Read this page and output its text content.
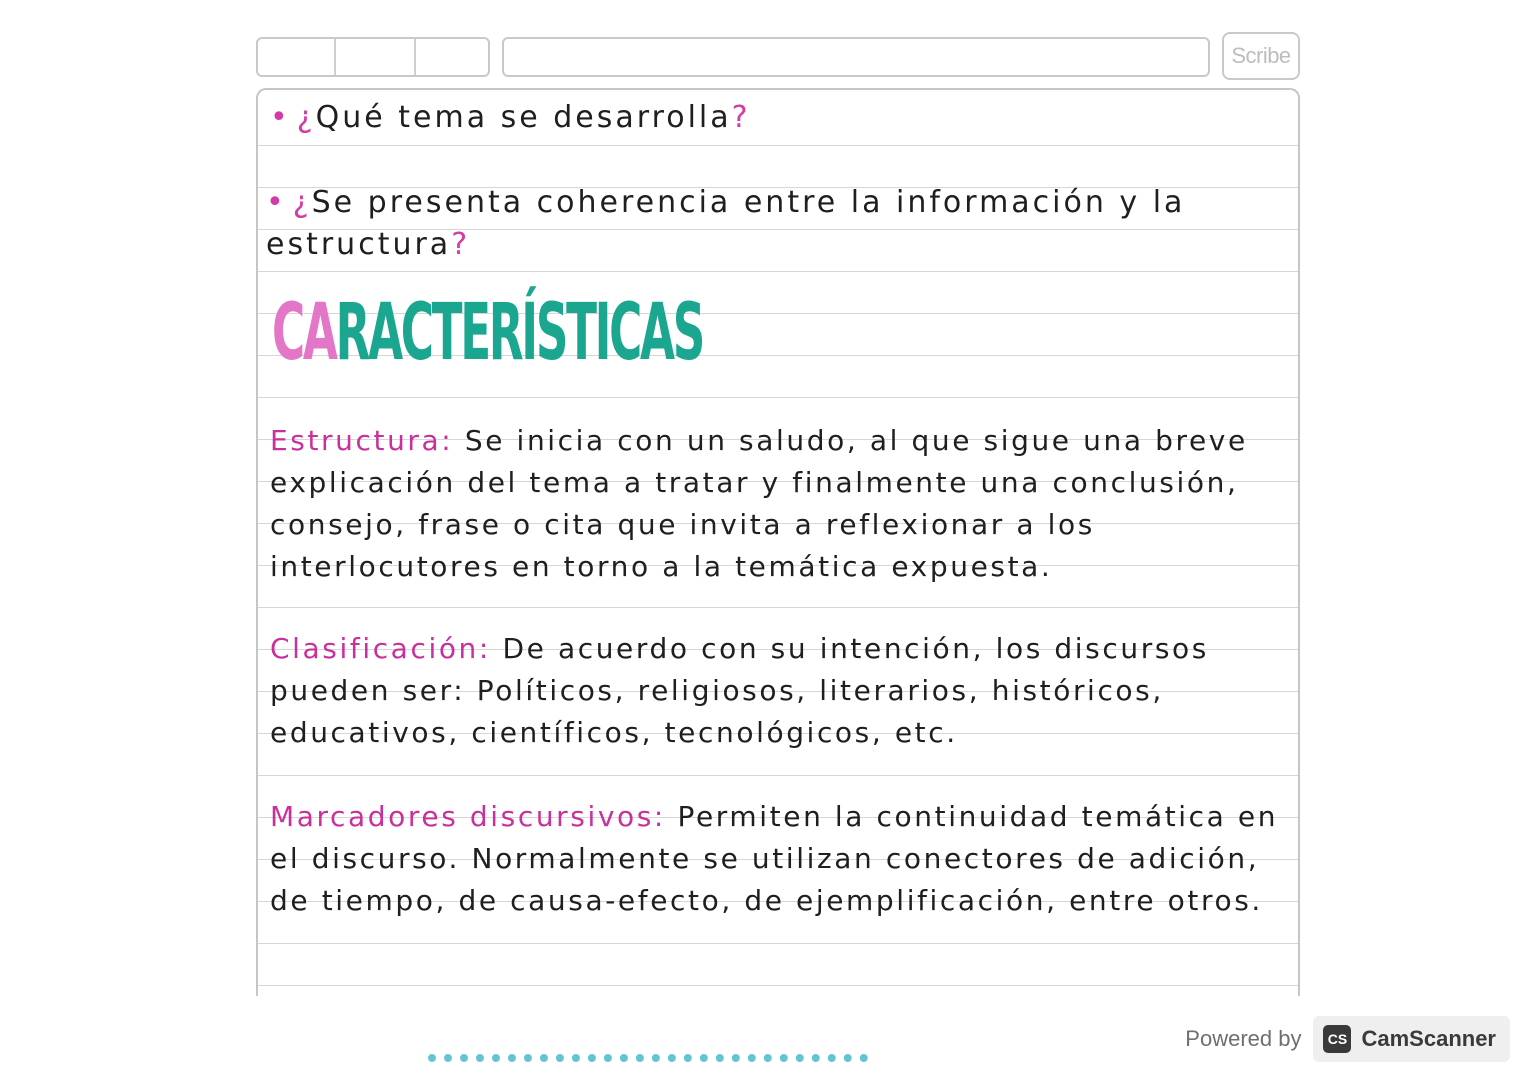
Scribe
• ¿Qué tema se desarrolla?
• ¿Se presenta coherencia entre la información y la estructura?
CARACTERÍSTICAS
Estructura: Se inicia con un saludo, al que sigue una breve explicación del tema a tratar y finalmente una conclusión, consejo, frase o cita que invita a reflexionar a los interlocutores en torno a la temática expuesta.
Clasificación: De acuerdo con su intención, los discursos pueden ser: Políticos, religiosos, literarios, históricos, educativos, científicos, tecnológicos, etc.
Marcadores discursivos: Permiten la continuidad temática en el discurso. Normalmente se utilizan conectores de adición, de tiempo, de causa-efecto, de ejemplificación, entre otros.
Powered by	CS CamScanner
